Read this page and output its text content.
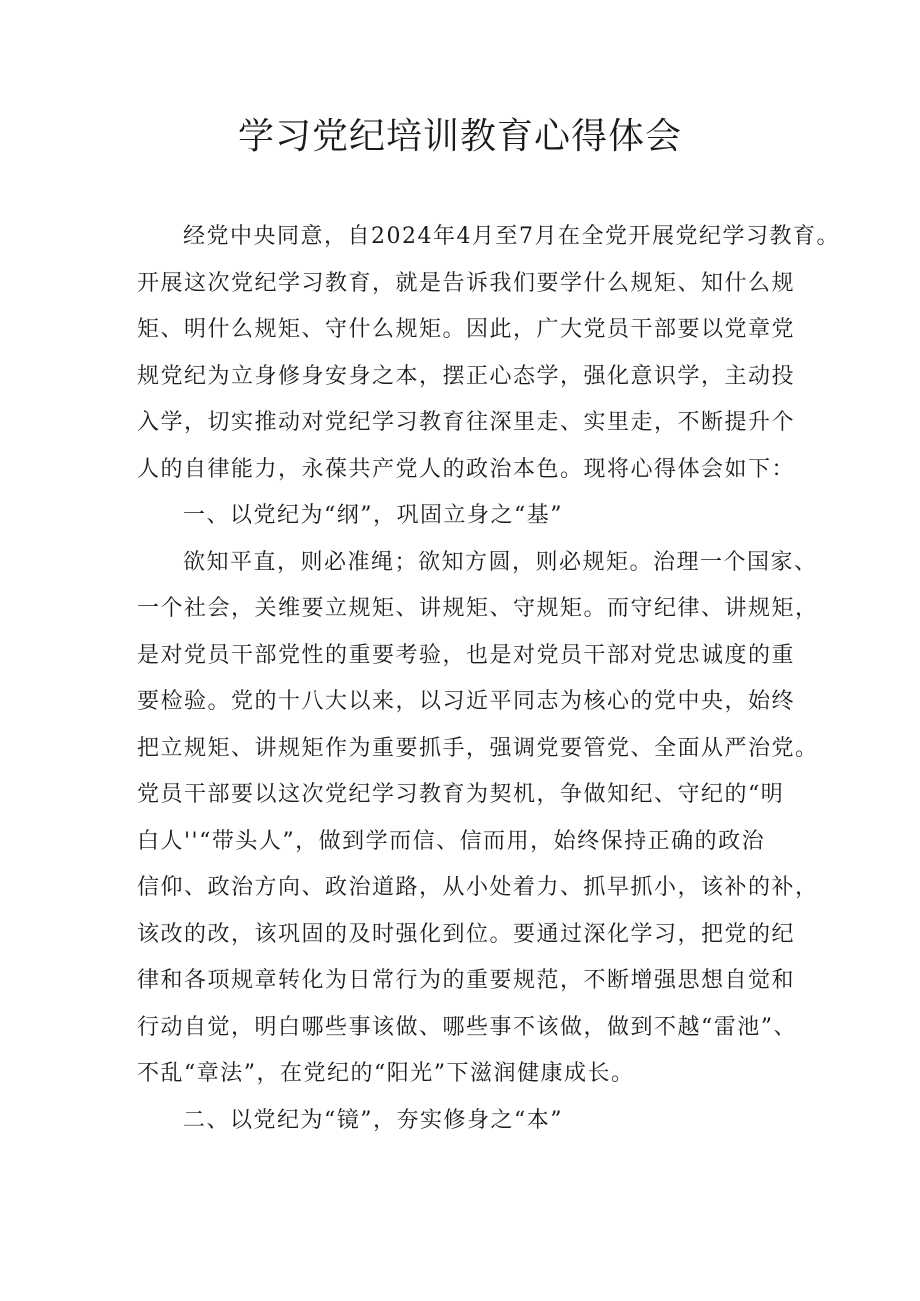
学习党纪培训教育心得体会
经党中央同意，自2024年4月至7月在全党开展党纪学习教育。
开展这次党纪学习教育，就是告诉我们要学什么规矩、知什么规
矩、明什么规矩、守什么规矩。因此，广大党员干部要以党章党
规党纪为立身修身安身之本，摆正心态学，强化意识学，主动投
入学，切实推动对党纪学习教育往深里走、实里走，不断提升个
人的自律能力，永葆共产党人的政治本色。现将心得体会如下：
一、以党纪为“纲”，巩固立身之“基”
欲知平直，则必准绳；欲知方圆，则必规矩。治理一个国家、
一个社会，关维要立规矩、讲规矩、守规矩。而守纪律、讲规矩，
是对党员干部党性的重要考验，也是对党员干部对党忠诚度的重
要检验。党的十八大以来，以习近平同志为核心的党中央，始终
把立规矩、讲规矩作为重要抓手，强调党要管党、全面从严治党。
党员干部要以这次党纪学习教育为契机，争做知纪、守纪的“明
白人''“带头人”，做到学而信、信而用，始终保持正确的政治
信仰、政治方向、政治道路，从小处着力、抓早抓小，该补的补，
该改的改，该巩固的及时强化到位。要通过深化学习，把党的纪
律和各项规章转化为日常行为的重要规范，不断增强思想自觉和
行动自觉，明白哪些事该做、哪些事不该做，做到不越“雷池”、
不乱“章法”，在党纪的“阳光”下滋润健康成长。
二、以党纪为“镜”，夯实修身之“本”
